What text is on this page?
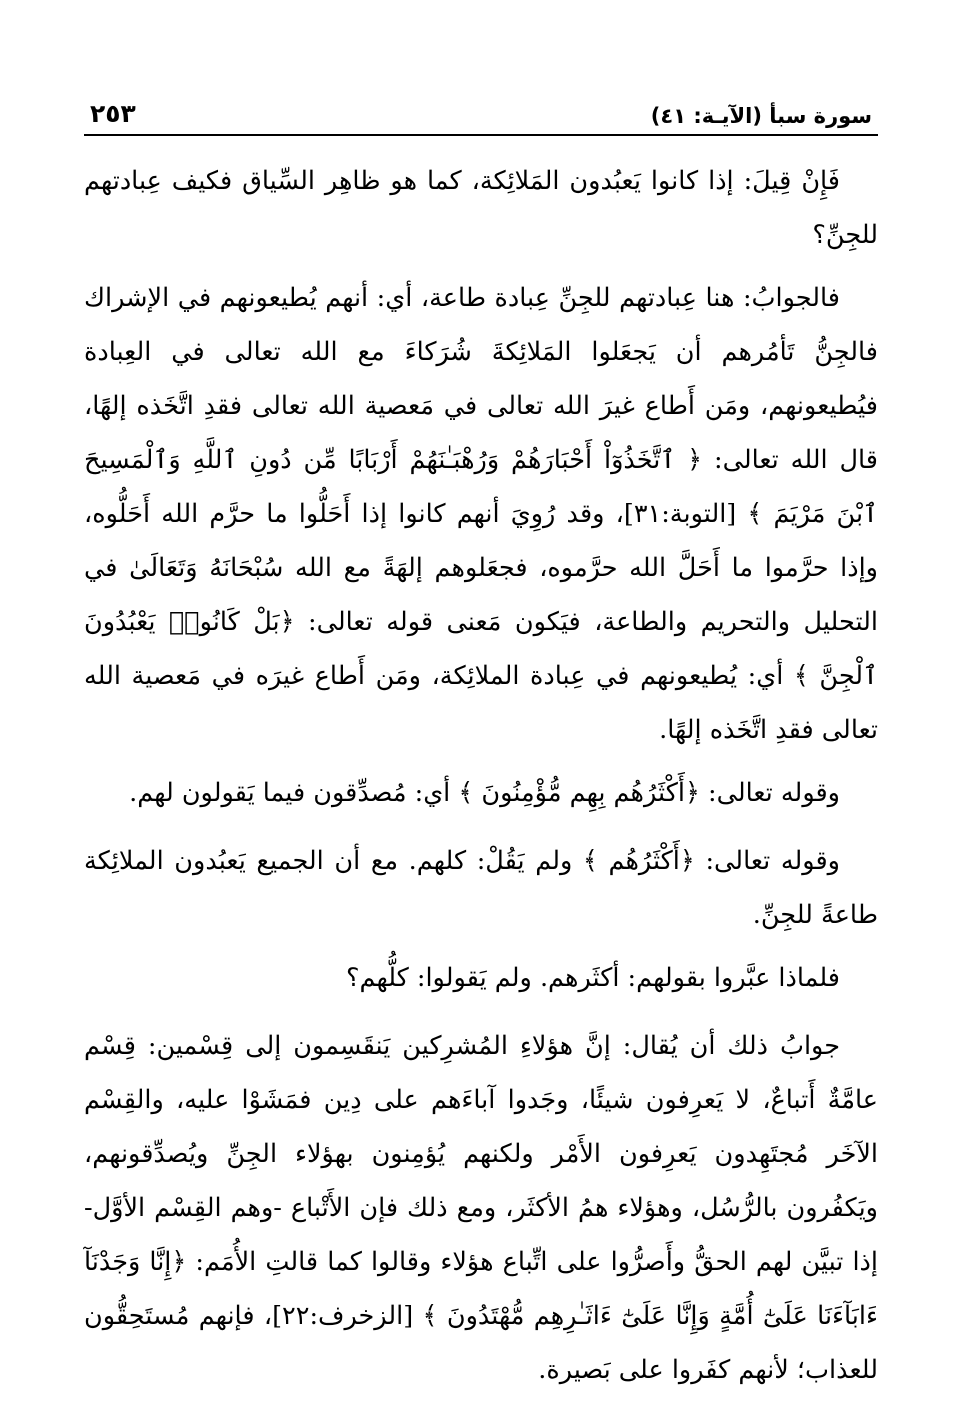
سورة سبأ (الآيـة: ٤١)
٢٥٣

فَإِنْ قِيلَ: إذا كانوا يَعبُدون المَلائِكة، كما هو ظاهِر السِّياق فكيف عِبادتهم للجِنِّ؟

فالجوابُ: هنا عِبادتهم للجِنِّ عِبادة طاعة، أي: أنهم يُطيعونهم في الإشراك فالجِنُّ تَأمُرهم أن يَجعَلوا المَلائِكةَ شُرَكاءَ مع الله تعالى في العِبادة فيُطيعونهم، ومَن أَطاع غيرَ الله تعالى في مَعصية الله تعالى فقدِ اتَّخَذه إلهًا، قال الله تعالى: ﴿ ٱتَّخَذُوٓاْ أَحْبَارَهُمْ وَرُهْبَـٰنَهُمْ أَرْبَابًا مِّن دُونِ ٱللَّهِ وَٱلْمَسِيحَ ٱبْنَ مَرْيَمَ ﴾ [التوبة:٣١]، وقد رُوِيَ أنهم كانوا إذا أَحَلُّوا ما حرَّم الله أَحَلُّوه، وإذا حرَّموا ما أَحَلَّ الله حرَّموه، فجعَلوهم إلهَةً مع الله سُبْحَانَهُ وَتَعَالَىٰ في التحليل والتحريم والطاعة، فيَكون مَعنى قوله تعالى: ﴿بَلْ كَانُوا۟ يَعْبُدُونَ ٱلْجِنَّ ﴾ أي: يُطيعونهم في عِبادة الملائِكة، ومَن أَطاع غيرَه في مَعصية الله تعالى فقدِ اتَّخَذه إلهًا.

وقوله تعالى: ﴿أَكْثَرُهُم بِهِم مُّؤْمِنُونَ ﴾ أي: مُصدِّقون فيما يَقولون لهم.

وقوله تعالى: ﴿أَكْثَرُهُم ﴾ ولم يَقُلْ: كلهم. مع أن الجميع يَعبُدون الملائِكة طاعةً للجِنِّ.

فلماذا عبَّروا بقولهم: أكثَرهم. ولم يَقولوا: كلُّهم؟

جوابُ ذلك أن يُقال: إنَّ هؤلاءِ المُشرِكين يَنقَسِمون إلى قِسْمين: قِسْم عامَّةٌ أَتباعٌ، لا يَعرِفون شيئًا، وجَدوا آباءَهم على دِين فمَشَوْا عليه، والقِسْم الآخَر مُجتَهِدون يَعرِفون الأَمْر ولكنهم يُؤمِنون بهؤلاء الجِنِّ ويُصدِّقونهم، ويَكفُرون بالرُّسُل، وهؤلاء همُ الأكثَر، ومع ذلك فإن الأَتْباع -وهم القِسْم الأوَّل- إذا تبيَّن لهم الحقُّ وأَصرُّوا على اتِّباع هؤلاء وقالوا كما قالتِ الأُمَم: ﴿إِنَّا وَجَدْنَآ ءَابَآءَنَا عَلَىٰٓ أُمَّةٍ وَإِنَّا عَلَىٰٓ ءَاثَـٰرِهِم مُّهْتَدُونَ ﴾ [الزخرف:٢٢]، فإنهم مُستَحِقُّون للعذاب؛ لأنهم كفَروا على بَصيرة.
